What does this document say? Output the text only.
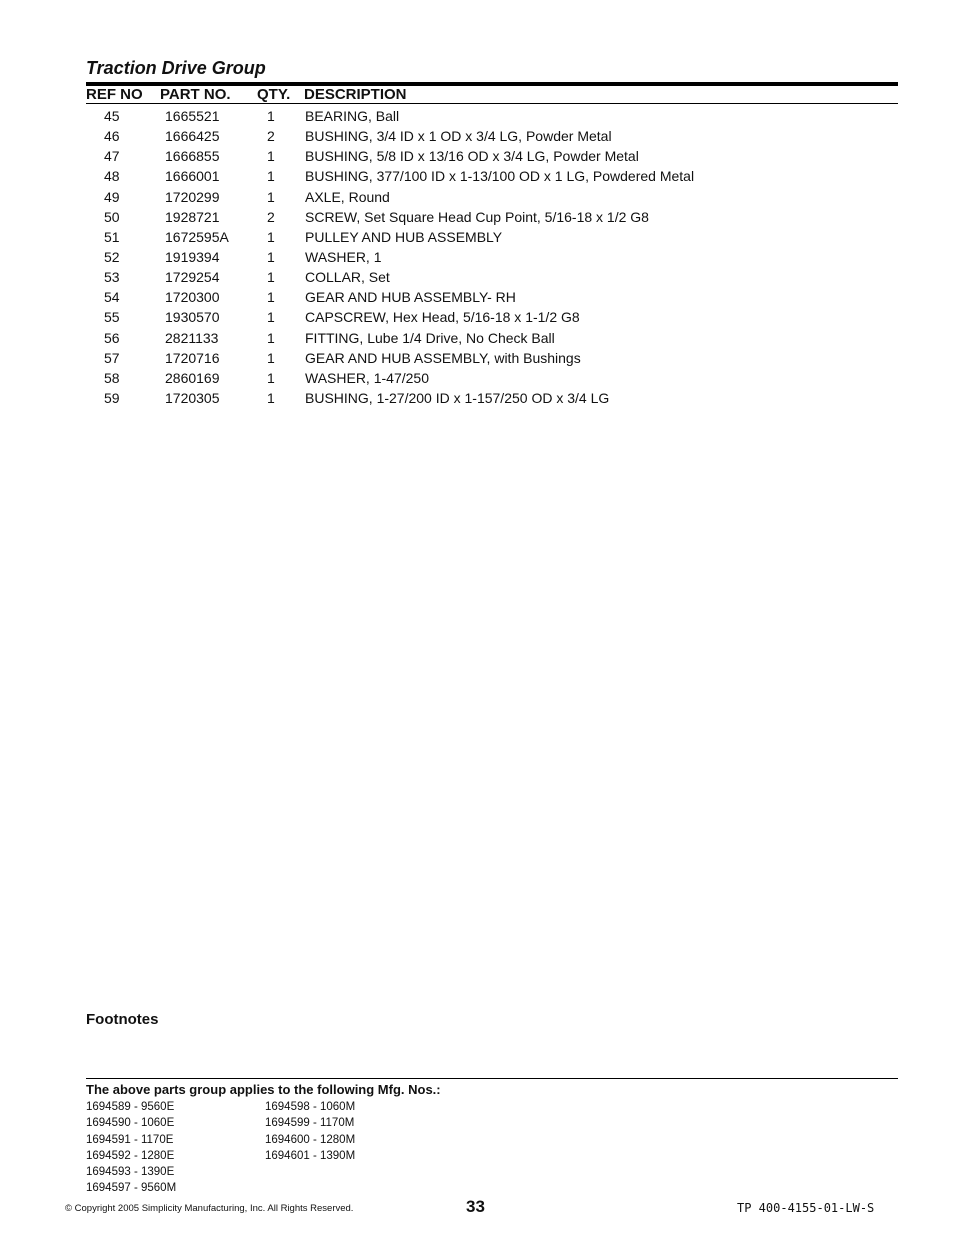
Traction Drive Group
REF NO PART NO. QTY. DESCRIPTION
45	1665521	1 BEARING, Ball
46	1666425	2 BUSHING, 3/4 ID x 1 OD x 3/4 LG, Powder Metal
47	1666855	1 BUSHING, 5/8 ID x 13/16 OD x 3/4 LG, Powder Metal
48	1666001	1 BUSHING, 377/100 ID x 1-13/100 OD x 1 LG, Powdered Metal
49	1720299	1 AXLE, Round
50	1928721	2 SCREW, Set Square Head Cup Point, 5/16-18 x 1/2 G8
51	1672595A	1 PULLEY AND HUB ASSEMBLY
52	1919394	1 WASHER, 1
53	1729254	1 COLLAR, Set
54	1720300	1 GEAR AND HUB ASSEMBLY- RH
55	1930570	1 CAPSCREW, Hex Head, 5/16-18 x 1-1/2 G8
56	2821133	1 FITTING, Lube 1/4 Drive, No Check Ball
57	1720716	1 GEAR AND HUB ASSEMBLY, with Bushings
58	2860169	1 WASHER, 1-47/250
59	1720305	1 BUSHING, 1-27/200 ID x 1-157/250 OD x 3/4 LG
Footnotes
The above parts group applies to the following Mfg. Nos.:
1694589 - 9560E
1694590 - 1060E
1694591 - 1170E
1694592 - 1280E
1694593 - 1390E
1694597 - 9560M
1694598 - 1060M
1694599 - 1170M
1694600 - 1280M
1694601 - 1390M
© Copyright 2005 Simplicity Manufacturing, Inc. All Rights Reserved.	33	TP 400-4155-01-LW-S
